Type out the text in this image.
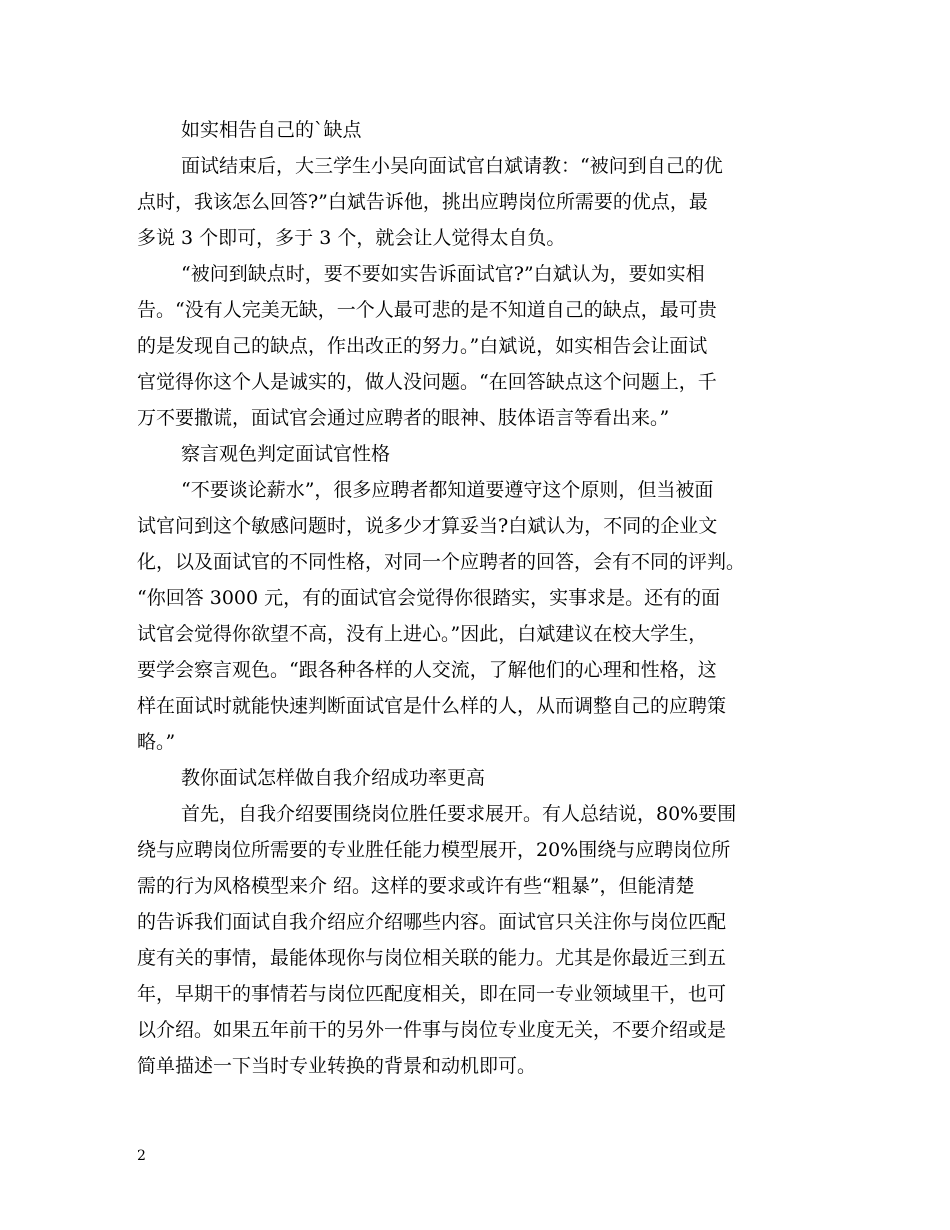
如实相告自己的`缺点
面试结束后，大三学生小吴向面试官白斌请教：“被问到自己的优
点时，我该怎么回答?”白斌告诉他，挑出应聘岗位所需要的优点，最
多说 3 个即可，多于 3 个，就会让人觉得太自负。
“被问到缺点时，要不要如实告诉面试官?”白斌认为，要如实相
告。“没有人完美无缺，一个人最可悲的是不知道自己的缺点，最可贵
的是发现自己的缺点，作出改正的努力。”白斌说，如实相告会让面试
官觉得你这个人是诚实的，做人没问题。“在回答缺点这个问题上，千
万不要撒谎，面试官会通过应聘者的眼神、肢体语言等看出来。”
察言观色判定面试官性格
“不要谈论薪水”，很多应聘者都知道要遵守这个原则，但当被面
试官问到这个敏感问题时，说多少才算妥当?白斌认为，不同的企业文
化，以及面试官的不同性格，对同一个应聘者的回答，会有不同的评判。
“你回答 3000 元，有的面试官会觉得你很踏实，实事求是。还有的面
试官会觉得你欲望不高，没有上进心。”因此，白斌建议在校大学生，
要学会察言观色。“跟各种各样的人交流，了解他们的心理和性格，这
样在面试时就能快速判断面试官是什么样的人，从而调整自己的应聘策
略。”
教你面试怎样做自我介绍成功率更高
首先，自我介绍要围绕岗位胜任要求展开。有人总结说，80%要围
绕与应聘岗位所需要的专业胜任能力模型展开，20%围绕与应聘岗位所
需的行为风格模型来介 绍。这样的要求或许有些“粗暴”，但能清楚
的告诉我们面试自我介绍应介绍哪些内容。面试官只关注你与岗位匹配
度有关的事情，最能体现你与岗位相关联的能力。尤其是你最近三到五
年，早期干的事情若与岗位匹配度相关，即在同一专业领域里干，也可
以介绍。如果五年前干的另外一件事与岗位专业度无关，不要介绍或是
简单描述一下当时专业转换的背景和动机即可。
2
